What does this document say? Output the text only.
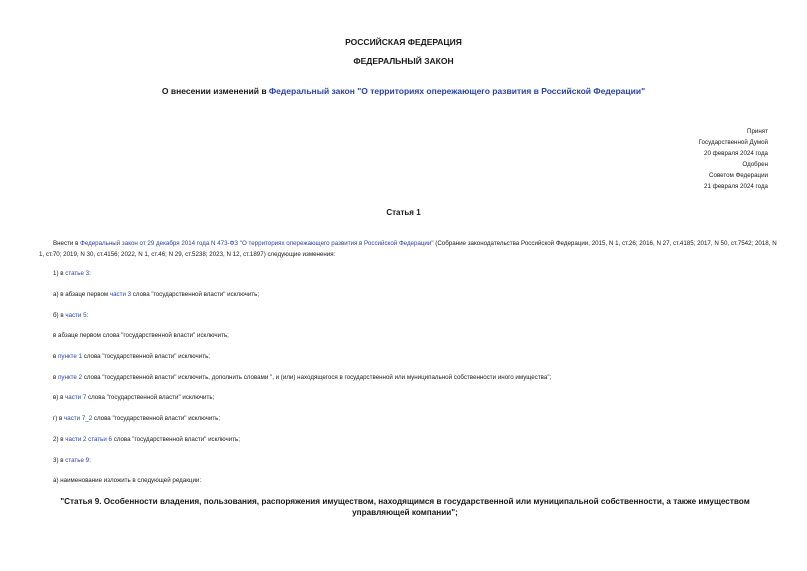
РОССИЙСКАЯ ФЕДЕРАЦИЯ
ФЕДЕРАЛЬНЫЙ ЗАКОН
О внесении изменений в Федеральный закон "О территориях опережающего развития в Российской Федерации"
Принят
Государственной Думой
20 февраля 2024 года
Одобрен
Советом Федерации
21 февраля 2024 года
Статья 1
Внести в Федеральный закон от 29 декабря 2014 года N 473-ФЗ "О территориях опережающего развития в Российской Федерации" (Собрание законодательства Российской Федерации, 2015, N 1, ст.26; 2016, N 27, ст.4185; 2017, N 50, ст.7542; 2018, N 1, ст.70; 2019, N 30, ст.4156; 2022, N 1, ст.46; N 29, ст.5238; 2023, N 12, ст.1897) следующие изменения:
1) в статье 3:
а) в абзаце первом части 3 слова "государственной власти" исключить;
б) в части 5:
в абзаце первом слова "государственной власти" исключить;
в пункте 1 слова "государственной власти" исключить;
в пункте 2 слова "государственной власти" исключить, дополнить словами ", и (или) находящегося в государственной или муниципальной собственности иного имущества";
в) в части 7 слова "государственной власти" исключить;
г) в части 7_2 слова "государственной власти" исключить;
2) в части 2 статьи 6 слова "государственной власти" исключить;
3) в статье 9:
а) наименование изложить в следующей редакции:
"Статья 9. Особенности владения, пользования, распоряжения имуществом, находящимся в государственной или муниципальной собственности, а также имуществом управляющей компании";
